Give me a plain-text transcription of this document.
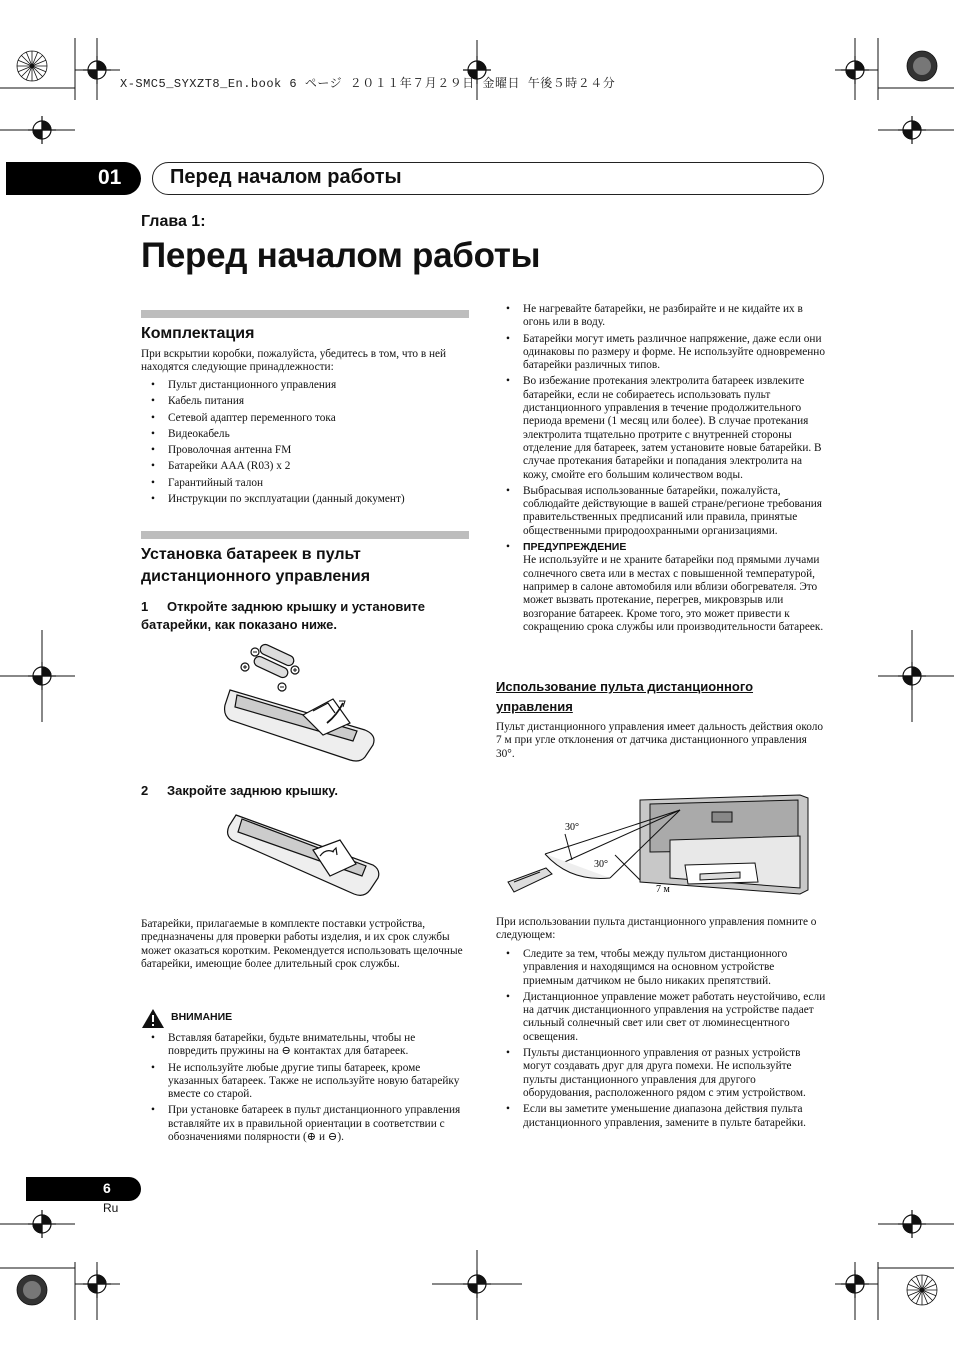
X-SMC5_SYXZT8_En.book 6 ページ ２０１１年７月２９日 金曜日 午後５時２４分
01 Перед началом работы
Глава 1:
Перед началом работы
Комплектация
При вскрытии коробки, пожалуйста, убедитесь в том, что в ней находятся следующие принадлежности:
• Пульт дистанционного управления
• Кабель питания
• Сетевой адаптер переменного тока
• Видеокабель
• Проволочная антенна FM
• Батарейки AAA (R03) x 2
• Гарантийный талон
• Инструкции по эксплуатации (данный документ)
Установка батареек в пульт
дистанционного управления
1 Откройте заднюю крышку и установите
батарейки, как показано ниже.
2 Закройте заднюю крышку.
Батарейки, прилагаемые в комплекте поставки устройства, предназначены для проверки работы изделия, и их срок службы может оказаться коротким. Рекомендуется использовать щелочные батарейки, имеющие более длительный срок службы.
ВНИМАНИЕ
• Вставляя батарейки, будьте внимательны, чтобы не повредить пружины на ⊖ контактах для батареек.
• Не используйте любые другие типы батареек, кроме указанных батареек. Также не используйте новую батарейку вместе со старой.
• При установке батареек в пульт дистанционного управления вставляйте их в правильной ориентации в соответствии с обозначениями полярности (⊕ и ⊖).
• Не нагревайте батарейки, не разбирайте и не кидайте их в огонь или в воду.
• Батарейки могут иметь различное напряжение, даже если они одинаковы по размеру и форме. Не используйте одновременно батарейки различных типов.
• Во избежание протекания электролита батареек извлеките батарейки, если не собираетесь использовать пульт дистанционного управления в течение продолжительного периода времени (1 месяц или более). В случае протекания электролита тщательно протрите с внутренней стороны отделение для батареек, затем установите новые батарейки. В случае протекания батарейки и попадания электролита на кожу, смойте его большим количеством воды.
• Выбрасывая использованные батарейки, пожалуйста, соблюдайте действующие в вашей стране/регионе требования правительственных предписаний или правила, принятые общественными природоохранными организациями.
• ПРЕДУПРЕЖДЕНИЕ
Не используйте и не храните батарейки под прямыми лучами солнечного света или в местах с повышенной температурой, например в салоне автомобиля или вблизи обогревателя. Это может вызвать протекание, перегрев, микровзрыв или возгорание батареек. Кроме того, это может привести к сокращению срока службы или производительности батареек.
Использование пульта дистанционного
управления
Пульт дистанционного управления имеет дальность действия около 7 м при угле отклонения от датчика дистанционного управления 30°.
30°
30°
7 м
При использовании пульта дистанционного управления помните о следующем:
• Следите за тем, чтобы между пультом дистанционного управления и находящимся на основном устройстве приемным датчиком не было никаких препятствий.
• Дистанционное управление может работать неустойчиво, если на датчик дистанционного управления на устройстве падает сильный солнечный свет или свет от люминесцентного освещения.
• Пульты дистанционного управления от разных устройств могут создавать друг для друга помехи. Не используйте пульты дистанционного управления для другого оборудования, расположенного рядом с этим устройством.
• Если вы заметите уменьшение диапазона действия пульта дистанционного управления, замените в пульте батарейки.
6
Ru
